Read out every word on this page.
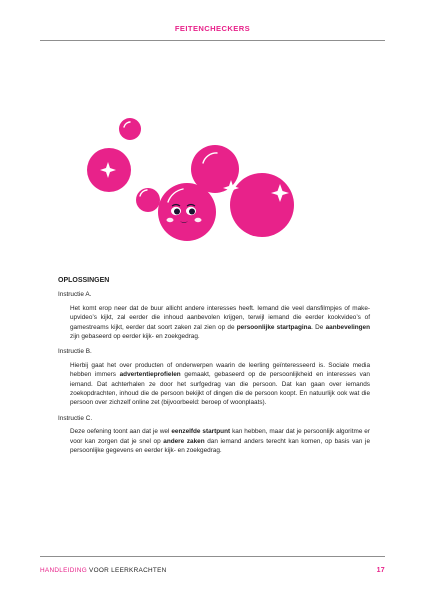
FEITENCHECKERS
OPLOSSINGEN
Instructie A.
Het komt erop neer dat de buur allicht andere interesses heeft. Iemand die veel dansfilmpjes of make-upvideo’s kijkt, zal eerder die inhoud aanbevolen krijgen, terwijl iemand die eerder kookvideo’s of gamestreams kijkt, eerder dat soort zaken zal zien op de persoonlijke startpagina. De aanbevelingen zijn gebaseerd op eerder kijk- en zoekgedrag.
Instructie B.
Hierbij gaat het over producten of onderwerpen waarin de leerling geïnteresseerd is. Sociale media hebben immers advertentieprofielen gemaakt, gebaseerd op de persoonlijkheid en interesses van iemand. Dat achterhalen ze door het surfgedrag van die persoon. Dat kan gaan over iemands zoekopdrachten, inhoud die de persoon bekijkt of dingen die de persoon koopt. En natuurlijk ook wat die persoon over zichzelf online zet (bijvoorbeeld: beroep of woonplaats).
Instructie C.
Deze oefening toont aan dat je wel eenzelfde startpunt kan hebben, maar dat je persoonlijk algoritme er voor kan zorgen dat je snel op andere zaken dan iemand anders terecht kan komen, op basis van je persoonlijke gegevens en eerder kijk- en zoekgedrag.
HANDLEIDING VOOR LEERKRACHTEN	17
